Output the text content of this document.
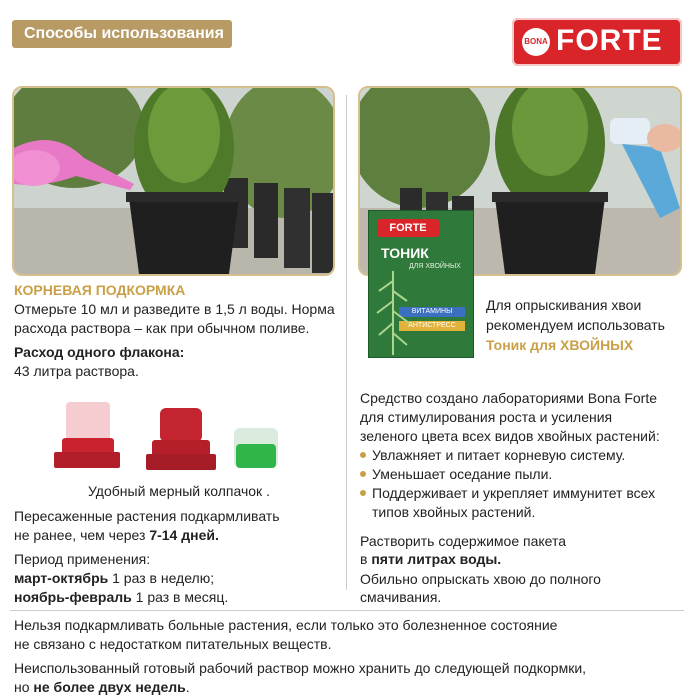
Способы использования	BONA FORTE
КОРНЕВАЯ ПОДКОРМКА
Отмерьте 10 мл и разведите в 1,5 л воды. Норма
расхода раствора – как при обычном поливе.
Расход одного флакона:
43 литра раствора.
Удобный мерный колпачок .
Пересаженные растения подкармливать
не ранее, чем через 7-14 дней.
Период применения:
март-октябрь 1 раз в неделю;
ноябрь-февраль 1 раз в месяц.
FORTE
ТОНИК
ДЛЯ ХВОЙНЫХ
ВИТАМИНЫ
АНТИСТРЕСС
Для опрыскивания хвои
рекомендуем использовать
Тоник для ХВОЙНЫХ
Средство создано лабораториями Bona Forte
для стимулирования роста и усиления
зеленого цвета всех видов хвойных растений:
Увлажняет и питает корневую систему.
Уменьшает оседание пыли.
Поддерживает и укрепляет иммунитет всех
типов хвойных растений.
Растворить содержимое пакета
в пяти литрах воды.
Обильно опрыскать хвою до полного
смачивания.
Нельзя подкармливать больные растения, если только это болезненное состояние
не связано с недостатком питательных веществ.
Неиспользованный готовый рабочий раствор можно хранить до следующей подкормки,
но не более двух недель.
